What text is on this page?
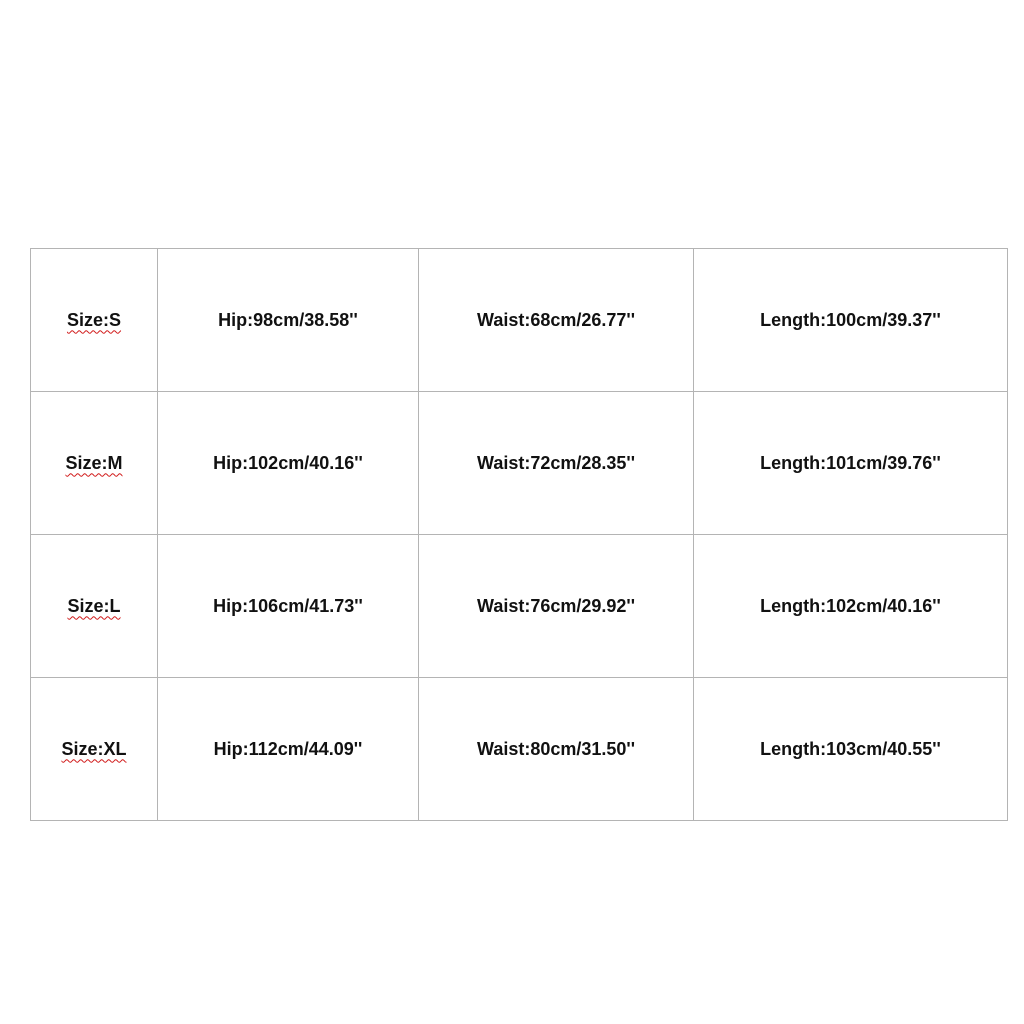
Size:S	Hip:98cm/38.58''	Waist:68cm/26.77''	Length:100cm/39.37''
Size:M	Hip:102cm/40.16''	Waist:72cm/28.35''	Length:101cm/39.76''
Size:L	Hip:106cm/41.73''	Waist:76cm/29.92''	Length:102cm/40.16''
Size:XL	Hip:112cm/44.09''	Waist:80cm/31.50''	Length:103cm/40.55''
